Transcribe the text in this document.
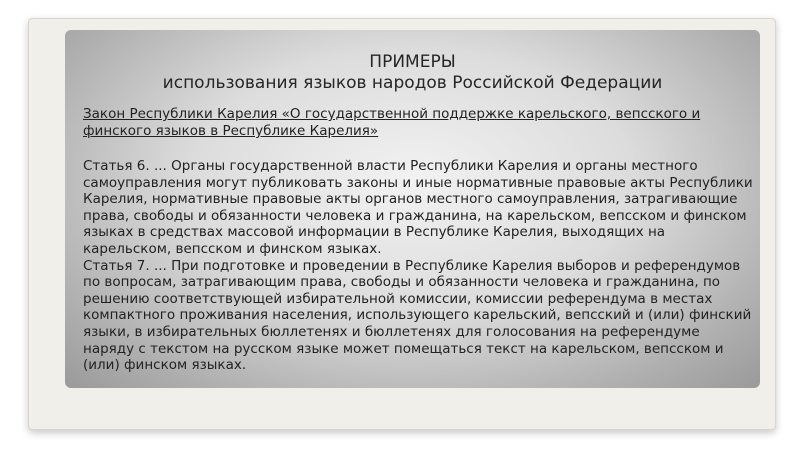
ПРИМЕРЫ
использования языков народов Российской Федерации
Закон Республики Карелия «О государственной поддержке карельского, вепсского и финского языков в Республике Карелия»

Статья 6. ... Органы государственной власти Республики Карелия и органы местного самоуправления могут публиковать законы и иные нормативные правовые акты Республики Карелия, нормативные правовые акты органов местного самоуправления, затрагивающие права, свободы и обязанности человека и гражданина, на карельском, вепсском и финском языках в средствах массовой информации в Республике Карелия, выходящих на карельском, вепсском и финском языках.

Статья 7. ... При подготовке и проведении в Республике Карелия выборов и референдумов по вопросам, затрагивающим права, свободы и обязанности человека и гражданина, по решению соответствующей избирательной комиссии, комиссии референдума в местах компактного проживания населения, использующего карельский, вепсский и (или) финский языки, в избирательных бюллетенях и бюллетенях для голосования на референдуме наряду с текстом на русском языке может помещаться текст на карельском, вепсском и (или) финском языках.
